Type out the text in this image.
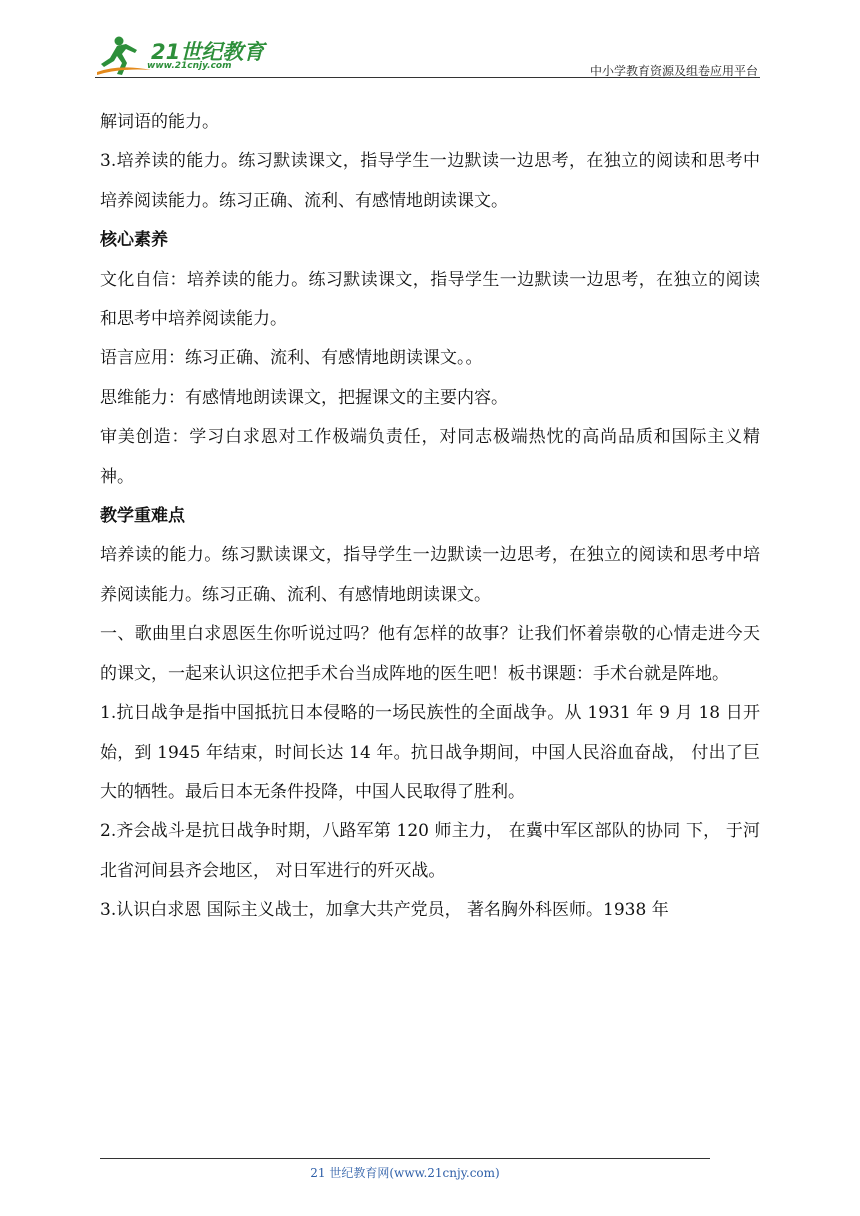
21世纪教育
www.21cnjy.com	中小学教育资源及组卷应用平台

解词语的能力。

3.培养读的能力。练习默读课文，指导学生一边默读一边思考，在独立的阅读和思考中培养阅读能力。练习正确、流利、有感情地朗读课文。

核心素养

文化自信：培养读的能力。练习默读课文，指导学生一边默读一边思考，在独立的阅读和思考中培养阅读能力。

语言应用：练习正确、流利、有感情地朗读课文。。

思维能力：有感情地朗读课文，把握课文的主要内容。

审美创造：学习白求恩对工作极端负责任，对同志极端热忱的高尚品质和国际主义精神。

教学重难点

培养读的能力。练习默读课文，指导学生一边默读一边思考，在独立的阅读和思考中培养阅读能力。练习正确、流利、有感情地朗读课文。

一、歌曲里白求恩医生你听说过吗？他有怎样的故事？让我们怀着崇敬的心情走进今天的课文，一起来认识这位把手术台当成阵地的医生吧！板书课题：手术台就是阵地。

1.抗日战争是指中国抵抗日本侵略的一场民族性的全面战争。从 1931 年 9 月 18 日开始，到 1945 年结束，时间长达 14 年。抗日战争期间，中国人民浴血奋战， 付出了巨大的牺牲。最后日本无条件投降，中国人民取得了胜利。

2.齐会战斗是抗日战争时期，八路军第 120 师主力， 在冀中军区部队的协同 下， 于河北省河间县齐会地区， 对日军进行的歼灭战。

3.认识白求恩 国际主义战士，加拿大共产党员， 著名胸外科医师。1938 年

21 世纪教育网(www.21cnjy.com)
